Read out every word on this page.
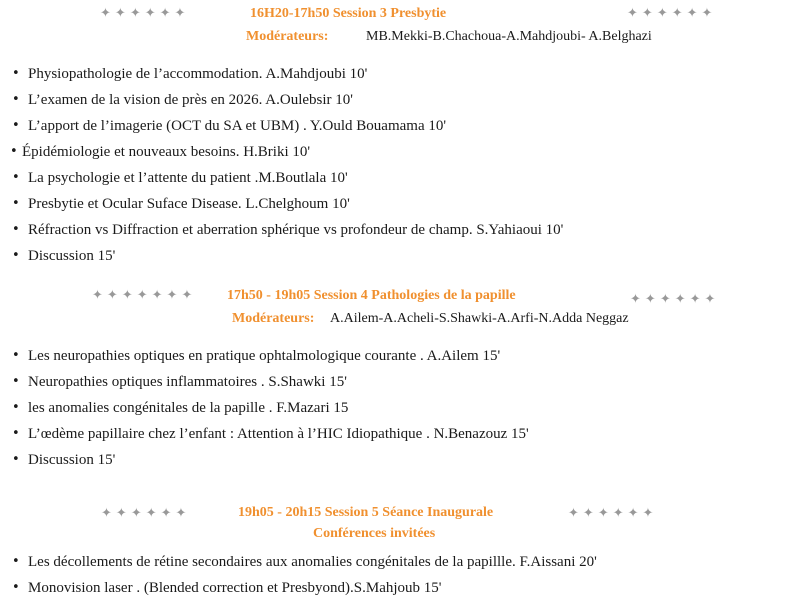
✦ ✦ ✦ ✦ ✦ ✦	16H20-17h50 Session 3 Presbytie	✦ ✦ ✦ ✦ ✦ ✦
Modérateurs:	MB.Mekki-B.Chachoua-A.Mahdjoubi- A.Belghazi
• Physiopathologie de l’accommodation. A.Mahdjoubi 10'
• L’examen de la vision de près en 2026. A.Oulebsir 10'
• L’apport de l’imagerie (OCT du SA et UBM) . Y.Ould Bouamama 10'
• Épidémiologie et nouveaux besoins. H.Briki 10'
• La psychologie et l’attente du patient .M.Boutlala 10'
• Presbytie et Ocular Suface Disease. L.Chelghoum 10'
• Réfraction vs Diffraction et aberration sphérique vs profondeur de champ. S.Yahiaoui 10'
• Discussion 15'
✦ ✦ ✦ ✦ ✦ ✦ ✦ 17h50 - 19h05 Session 4 Pathologies de la papille	✦ ✦ ✦ ✦ ✦ ✦
Modérateurs: A.Ailem-A.Acheli-S.Shawki-A.Arfi-N.Adda Neggaz
• Les neuropathies optiques en pratique ophtalmologique courante . A.Ailem 15'
• Neuropathies optiques inflammatoires . S.Shawki 15'
• les anomalies congénitales de la papille . F.Mazari 15
• L’œdème papillaire chez l’enfant : Attention à l’HIC Idiopathique . N.Benazouz 15'
• Discussion 15'
✦ ✦ ✦ ✦ ✦ ✦	19h05 - 20h15 Session 5 Séance Inaugurale	✦ ✦ ✦ ✦ ✦ ✦
Conférences invitées
• Les décollements de rétine secondaires aux anomalies congénitales de la papillle. F.Aissani 20'
• Monovision laser . (Blended correction et Presbyond).S.Mahjoub 15'
